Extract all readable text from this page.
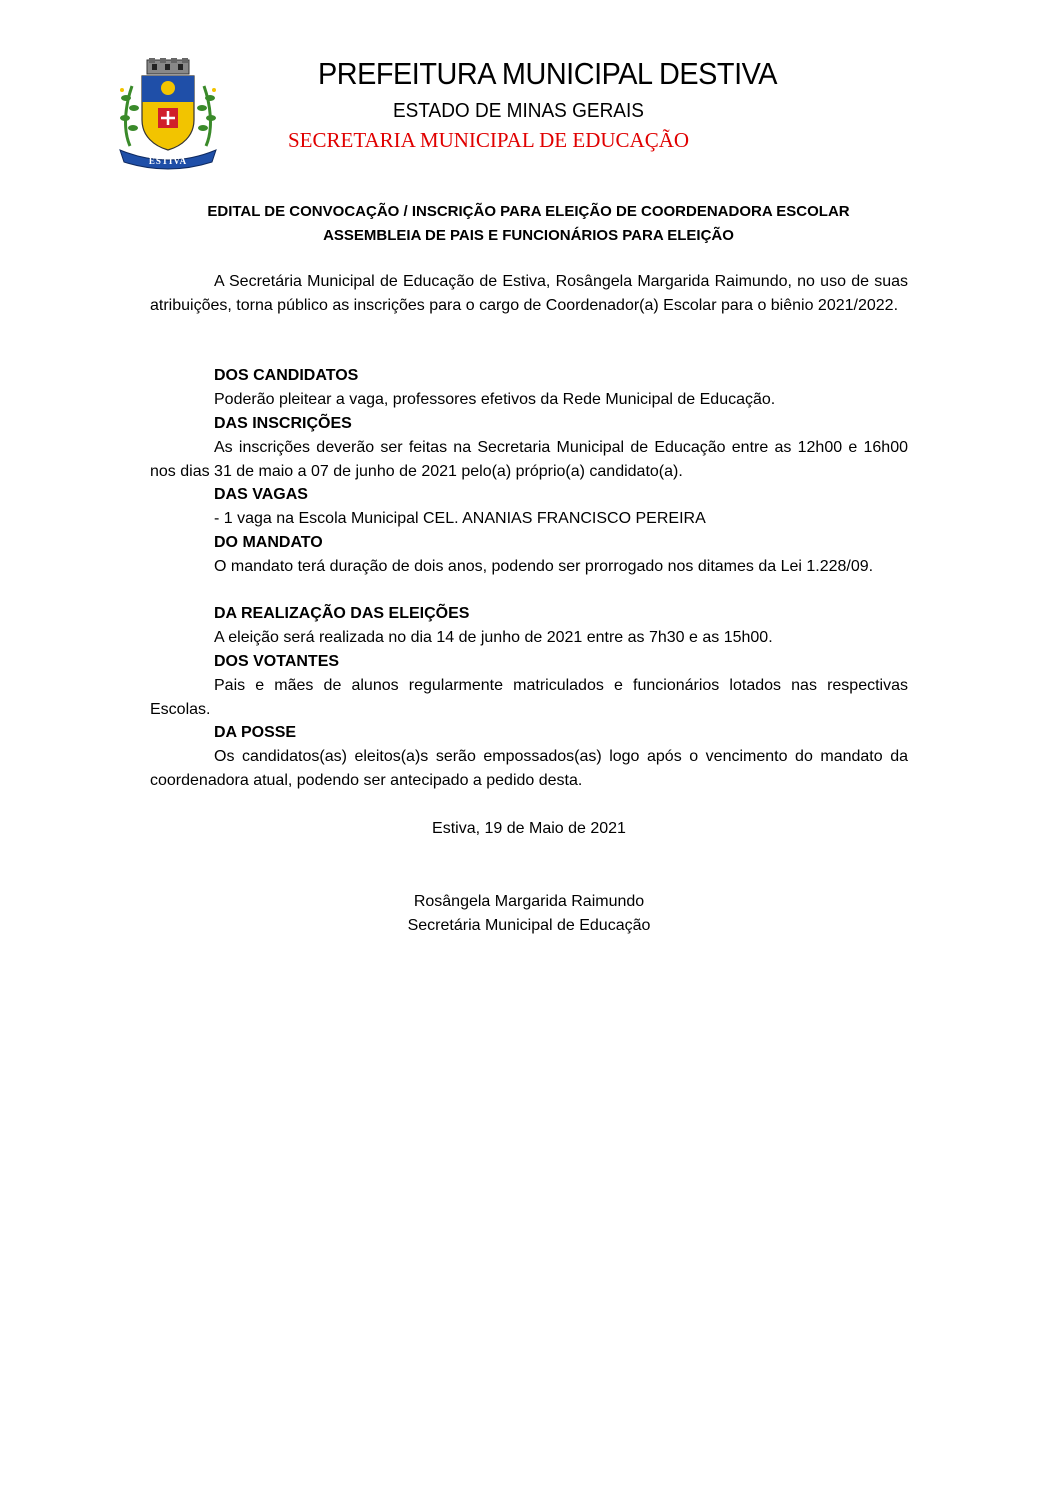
ESTIVA
PREFEITURA MUNICIPAL DESTIVA
ESTADO DE MINAS GERAIS
SECRETARIA MUNICIPAL DE EDUCAÇÃO
EDITAL DE CONVOCAÇÃO / INSCRIÇÃO PARA ELEIÇÃO DE COORDENADORA ESCOLAR
ASSEMBLEIA DE PAIS E FUNCIONÁRIOS PARA ELEIÇÃO
A Secretária Municipal de Educação de Estiva, Rosângela Margarida Raimundo, no uso de suas atribuições, torna público as inscrições para o cargo de Coordenador(a) Escolar para o biênio 2021/2022.
DOS CANDIDATOS
Poderão pleitear a vaga, professores efetivos da Rede Municipal de Educação.
DAS INSCRIÇÕES
As inscrições deverão ser feitas na Secretaria Municipal de Educação entre as 12h00 e 16h00 nos dias 31 de maio a 07 de junho de 2021 pelo(a) próprio(a) candidato(a).
DAS VAGAS
- 1 vaga na Escola Municipal CEL. ANANIAS FRANCISCO PEREIRA
DO MANDATO
O mandato terá duração de dois anos, podendo ser prorrogado nos ditames da Lei 1.228/09.
DA REALIZAÇÃO DAS ELEIÇÕES
A eleição será realizada no dia 14 de junho de 2021 entre as 7h30 e as 15h00.
DOS VOTANTES
Pais e mães de alunos regularmente matriculados e funcionários lotados nas respectivas Escolas.
DA POSSE
Os candidatos(as) eleitos(a)s serão empossados(as) logo após o vencimento do mandato da coordenadora atual, podendo ser antecipado a pedido desta.
Estiva, 19 de Maio de 2021
Rosângela Margarida Raimundo
Secretária Municipal de Educação
